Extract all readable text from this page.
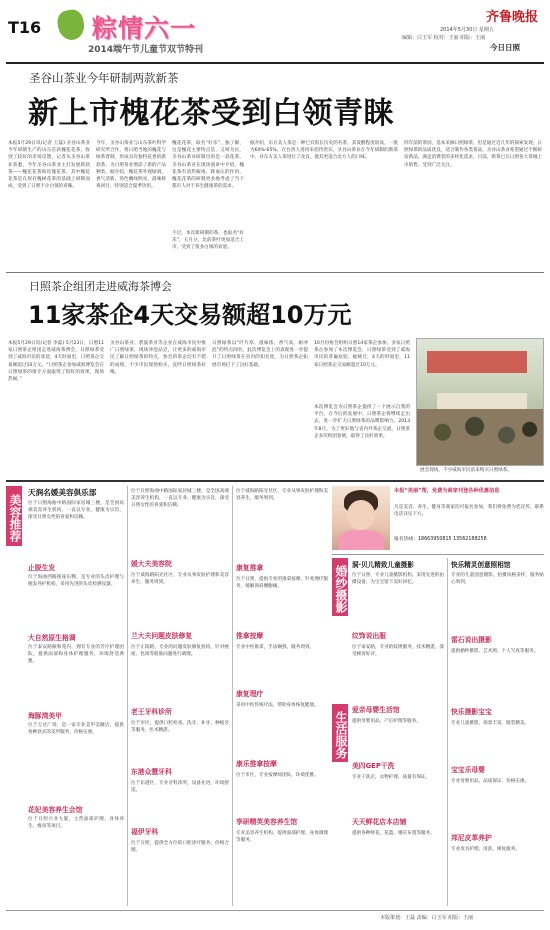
T16 粽情六一
2014端午节儿童节双节特刊
齐鲁晚报
2014年5月30日 星期五
编辑：白玉军 校对：王丽 组版：王丽
今日日照
圣谷山茶业今年研制两款新茶
新上市槐花茶受到白领青睐
本报5月29日讯(记者 王磊) 圣谷山茶业今年研制生产的山东首款槐花花茶，收到了较好的市场反馈，记者从圣谷山茶业获悉，今年圣谷山茶业主打发展新款茶——槐花花茶和玫瑰花茶，其中槐花花茶是在原有槐树花茶的基础上研制而成，受到了日照不少白领的青睐。
今年，圣谷山茶业与山东茶叶科学研究所合作，将日照当地的槐花与绿茶窨制，形成具有独特花香的新款茶，为日照茶业增添了新的产品种类。据介绍，槐花茶外观绿润，香气清新，汤色嫩绿明亮，滋味鲜爽回甘，特别适合夏季饮用。
槐花花茶，取名“好乐”，独了解，这是槐花主要特点是，又叫为民，圣谷山茶业研制出的是一款花茶，圣谷山茶业在现场演讲中介绍，槐花茶有清热解毒、降血压的作用，槐花花茶的研制更多地考虑了当下都市人对于养生健康茶的需求。
不过，本次新研制的茶，也取名“好乐”，五月分，比前茶叶更加适合上市，受到了很多白领的欢迎。
据介绍，东方美人茶是一种已有很长历史的名茶，其发酵程度较高，一般为60%-65%，在台湾人进用来招待贵宾。圣谷山茶业在今年研制的新茶中，对东方美人茶进行了改良，使其更适合北方人的口味。
四年前的茶园，基本采摘日照绿茶，但是通过近几年的探索发现，日照绿茶的品质优良，适合制作各类茶品，圣谷山茶业希望通过不断研发新品，满足消费者的多样化需求。目前，新茶已在日照各大茶城上市销售，受到广泛关注。
日照茶企组团走进威海茶博会
11家茶企4天交易额超10万元
本报5月29日讯(记者 李磊) 5月23日，日照11家日照茶企组团走进威海茶博会，日照绿茶受到了威海市民的欢迎，4天时间里，日照茶企交易额超过10万元。“日照茶企参加威海博览会在日照绿茶的推介方面取得了很好的效果，现场热闹。”
圣谷山茶业、碧波茶业等企业在威海市民中推广日照绿茶，现场冲泡品尝，让更多的威海市民了解日照绿茶的特点，参会的茶企均有不错的成绩，不少市民现场购买，直呼日照绿茶好喝。
日照绿茶以“叶片厚、滋味浓、香气高、耐冲泡”的特点闻名，此次博览会上的表现进一步提升了日照绿茶在省内的知名度，为日照茶企拓展市场打下了良好基础。
10月份协会组织日照14家茶企参加，多家日照茶企参加了本次博览会，日照绿茶受到了威海市民的普遍欢迎，据统计，4天的时间里，11家日照茶企交易额超过10万元。
本次博览会为日照茶企提供了一个展示自我的平台，在今后的发展中，日照茶企将继续走出去，进一步扩大日照绿茶的品牌影响力。2013年8月，为了更好地与省内外茶企交流，日照茶企多次组团参展，取得了良好效果。
展会现场，不少威海市民前来购买日照绿茶。
美容推荐
天润名媛美容俱乐部
位于日照海曲中路国际家居城三楼，是全国高端美容养生机构，一直以专业、健康为宗旨，深受日照女性的喜爱和信赖。
止脱生发
位于海曲西路银座东侧，是专业的头皮护理与脱发养护机构，采用先进的头皮检测仪器。
大自然原生格调
位于泰安路颐和苑内，拥有专业的芳疗护理团队，提供面部和身体护理服务，环境舒适典雅。
海豚湾美甲
位于万达广场，是一家专业美甲美睫店，提供各种款式的美甲服务，价格实惠。
花妃美容养生会馆
位于日照兴业大厦，主营面部护理、身体养生、瘦身等项目。
位于日照海曲中路国际家居城三楼，是全国高端美容养生机构，一直以专业、健康为宗旨，深受日照女性的喜爱和信赖。
媛大夫美容院
位于威海路阳光社区，专业从事皮肤护理和美容养生，服务周到。
兰大夫问题皮肤修复
位于正阳路，专业的问题皮肤修复机构，针对痤疮、色斑等肌肤问题进行调理。
老王牙科诊所
位于市区，提供口腔检查、洗牙、补牙、种植牙等服务，医术精湛。
东港众慧牙科
位于东港区，专业牙科诊所，设备先进，环境舒适。
福伊牙科
位于日照，提供全方位的口腔诊疗服务，价格合理。
位于威海路阳光社区，专业从事皮肤护理和美容养生，服务周到。
康复推拿
位于日照，提供专业的推拿按摩、针灸理疗服务，缓解颈肩腰腿痛。
推拿按摩
专业中医推拿，手法娴熟，服务周到。
康复理疗
采用中医传统疗法，帮助身体恢复健康。
康乐推拿按摩
位于市区，专业按摩师团队，环境优雅。
享研精英美容养生馆
专业美容养生机构，提供面部护理、身体调理等服务。
本报“美丽”帮，免费为商家刊登各种优惠信息
凡是美容、养生、健身等商家均可报名参加，我们将免费为您宣传，联系电话详见下方。
报名热线：18663950815 13562188258
婚纱摄影
生活服务
洞·贝儿精致儿童摄影
位于日照，专业儿童摄影机构，采用先进的拍摄设备，为宝宝留下美好回忆。
纹饰说出服
位于泰安路，专业的纹绣服务，技术精湛，深受顾客好评。
爱亲母婴生活馆
提供母婴用品、产后护理等服务。
美四GEP干洗
专业干洗店，衣物护理，质量有保证。
天天鲜花店本店铺
提供各种鲜花、花篮、婚庆布置等服务。
快乐精灵创意照相馆
专业的儿童创意摄影，拍摄风格多样，服务贴心周到。
雷石说出摄影
提供婚纱摄影、艺术照、个人写真等服务。
快乐摄影宝宝
专业儿童摄影，场景丰富，服装精美。
宝宝乐母婴
专业母婴用品，品质保证，价格实惠。
邦尼皮革养护
专业皮具护理、清洗、修复服务。
本版策划：王磊 责编：白玉军 组版：王丽
